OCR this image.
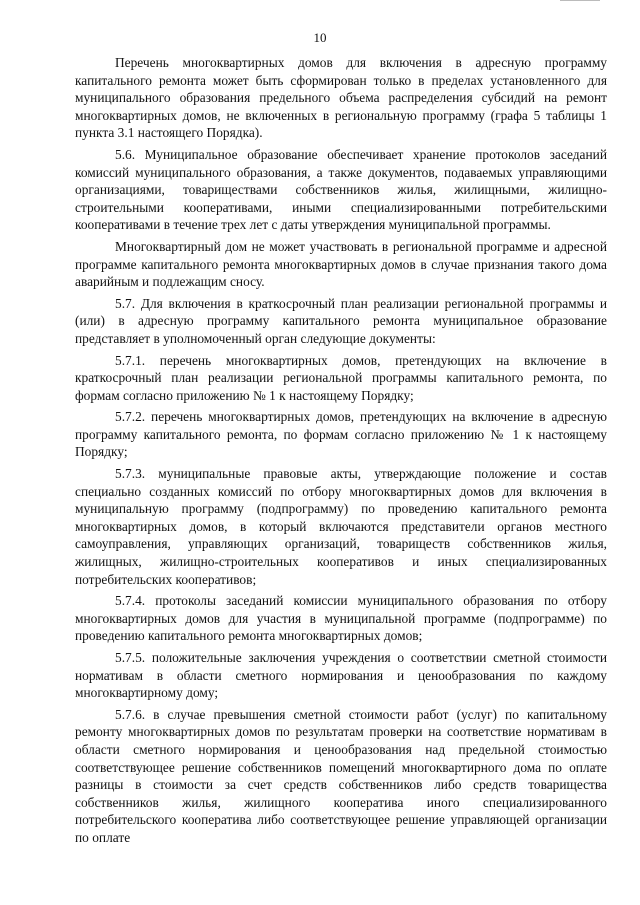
10

Перечень многоквартирных домов для включения в адресную программу капитального ремонта может быть сформирован только в пределах установленного для муниципального образования предельного объема распределения субсидий на ремонт многоквартирных домов, не включенных в региональную программу (графа 5 таблицы 1 пункта 3.1 настоящего Порядка).

5.6. Муниципальное образование обеспечивает хранение протоколов заседаний комиссий муниципального образования, а также документов, подаваемых управляющими организациями, товариществами собственников жилья, жилищными, жилищно-строительными кооперативами, иными специализированными потребительскими кооперативами в течение трех лет с даты утверждения муниципальной программы.

Многоквартирный дом не может участвовать в региональной программе и адресной программе капитального ремонта многоквартирных домов в случае признания такого дома аварийным и подлежащим сносу.

5.7. Для включения в краткосрочный план реализации региональной программы и (или) в адресную программу капитального ремонта муниципальное образование представляет в уполномоченный орган следующие документы:

5.7.1. перечень многоквартирных домов, претендующих на включение в краткосрочный план реализации региональной программы капитального ремонта, по формам согласно приложению № 1 к настоящему Порядку;

5.7.2. перечень многоквартирных домов, претендующих на включение в адресную программу капитального ремонта, по формам согласно приложению № 1 к настоящему Порядку;

5.7.3. муниципальные правовые акты, утверждающие положение и состав специально созданных комиссий по отбору многоквартирных домов для включения в муниципальную программу (подпрограмму) по проведению капитального ремонта многоквартирных домов, в который включаются представители органов местного самоуправления, управляющих организаций, товариществ собственников жилья, жилищных, жилищно-строительных кооперативов и иных специализированных потребительских кооперативов;

5.7.4. протоколы заседаний комиссии муниципального образования по отбору многоквартирных домов для участия в муниципальной программе (подпрограмме) по проведению капитального ремонта многоквартирных домов;

5.7.5. положительные заключения учреждения о соответствии сметной стоимости нормативам в области сметного нормирования и ценообразования по каждому многоквартирному дому;

5.7.6. в случае превышения сметной стоимости работ (услуг) по капитальному ремонту многоквартирных домов по результатам проверки на соответствие нормативам в области сметного нормирования и ценообразования над предельной стоимостью соответствующее решение собственников помещений многоквартирного дома по оплате разницы в стоимости за счет средств собственников либо средств товарищества собственников жилья, жилищного кооператива иного специализированного потребительского кооператива либо соответствующее решение управляющей организации по оплате
